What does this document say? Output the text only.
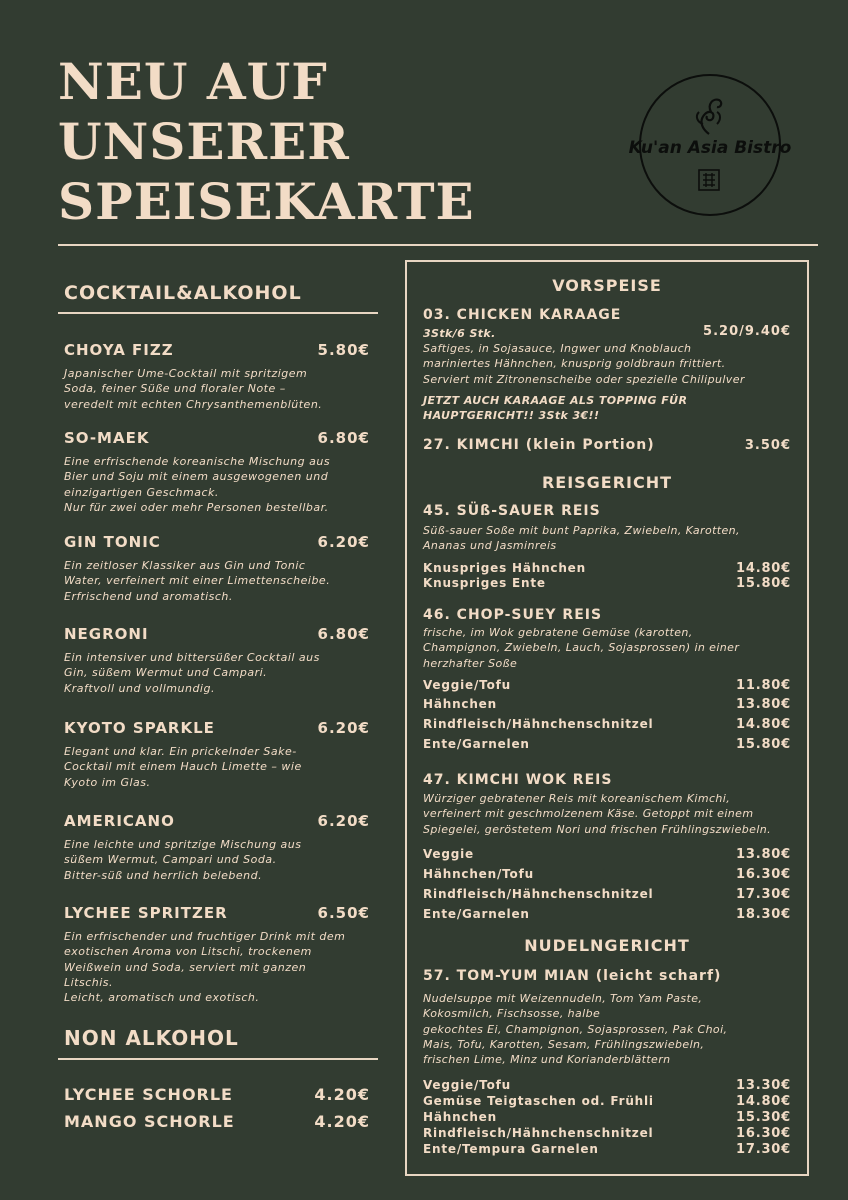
NEU AUF
UNSERER
SPEISEKARTE
Ku'an Asia Bistro
COCKTAIL&ALKOHOL
CHOYA FIZZ	5.80€
Japanischer Ume-Cocktail mit spritzigem
Soda, feiner Süße und floraler Note –
veredelt mit echten Chrysanthemenblüten.
SO-MAEK	6.80€
Eine erfrischende koreanische Mischung aus
Bier und Soju mit einem ausgewogenen und
einzigartigen Geschmack.
Nur für zwei oder mehr Personen bestellbar.
GIN TONIC	6.20€
Ein zeitloser Klassiker aus Gin und Tonic
Water, verfeinert mit einer Limettenscheibe.
Erfrischend und aromatisch.
NEGRONI	6.80€
Ein intensiver und bittersüßer Cocktail aus
Gin, süßem Wermut und Campari.
Kraftvoll und vollmundig.
KYOTO SPARKLE	6.20€
Elegant und klar. Ein prickelnder Sake-
Cocktail mit einem Hauch Limette – wie
Kyoto im Glas.
AMERICANO	6.20€
Eine leichte und spritzige Mischung aus
süßem Wermut, Campari und Soda.
Bitter-süß und herrlich belebend.
LYCHEE SPRITZER	6.50€
Ein erfrischender und fruchtiger Drink mit dem
exotischen Aroma von Litschi, trockenem
Weißwein und Soda, serviert mit ganzen
Litschis.
Leicht, aromatisch und exotisch.
NON ALKOHOL
LYCHEE SCHORLE	4.20€
MANGO SCHORLE	4.20€
VORSPEISE
03. CHICKEN KARAAGE
3Stk/6 Stk.	5.20/9.40€
Saftiges, in Sojasauce, Ingwer und Knoblauch
mariniertes Hähnchen, knusprig goldbraun frittiert.
Serviert mit Zitronenscheibe oder spezielle Chilipulver
JETZT AUCH KARAAGE ALS TOPPING FÜR
HAUPTGERICHT!! 3Stk 3€!!
27. KIMCHI (klein Portion)	3.50€
REISGERICHT
45. SÜß-SAUER REIS
Süß-sauer Soße mit bunt Paprika, Zwiebeln, Karotten,
Ananas und Jasminreis
Knuspriges Hähnchen	14.80€
Knuspriges Ente	15.80€
46. CHOP-SUEY REIS
frische, im Wok gebratene Gemüse (karotten,
Champignon, Zwiebeln, Lauch, Sojasprossen) in einer
herzhafter Soße
Veggie/Tofu	11.80€
Hähnchen	13.80€
Rindfleisch/Hähnchenschnitzel	14.80€
Ente/Garnelen	15.80€
47. KIMCHI WOK REIS
Würziger gebratener Reis mit koreanischem Kimchi,
verfeinert mit geschmolzenem Käse. Getoppt mit einem
Spiegelei, geröstetem Nori und frischen Frühlingszwiebeln.
Veggie	13.80€
Hähnchen/Tofu	16.30€
Rindfleisch/Hähnchenschnitzel	17.30€
Ente/Garnelen	18.30€
NUDELNGERICHT
57. TOM-YUM MIAN (leicht scharf)
Nudelsuppe mit Weizennudeln, Tom Yam Paste,
Kokosmilch, Fischsosse, halbe
gekochtes Ei, Champignon, Sojasprossen, Pak Choi,
Mais, Tofu, Karotten, Sesam, Frühlingszwiebeln,
frischen Lime, Minz und Korianderblättern
Veggie/Tofu	13.30€
Gemüse Teigtaschen od. Frühli	14.80€
Hähnchen	15.30€
Rindfleisch/Hähnchenschnitzel	16.30€
Ente/Tempura Garnelen	17.30€
